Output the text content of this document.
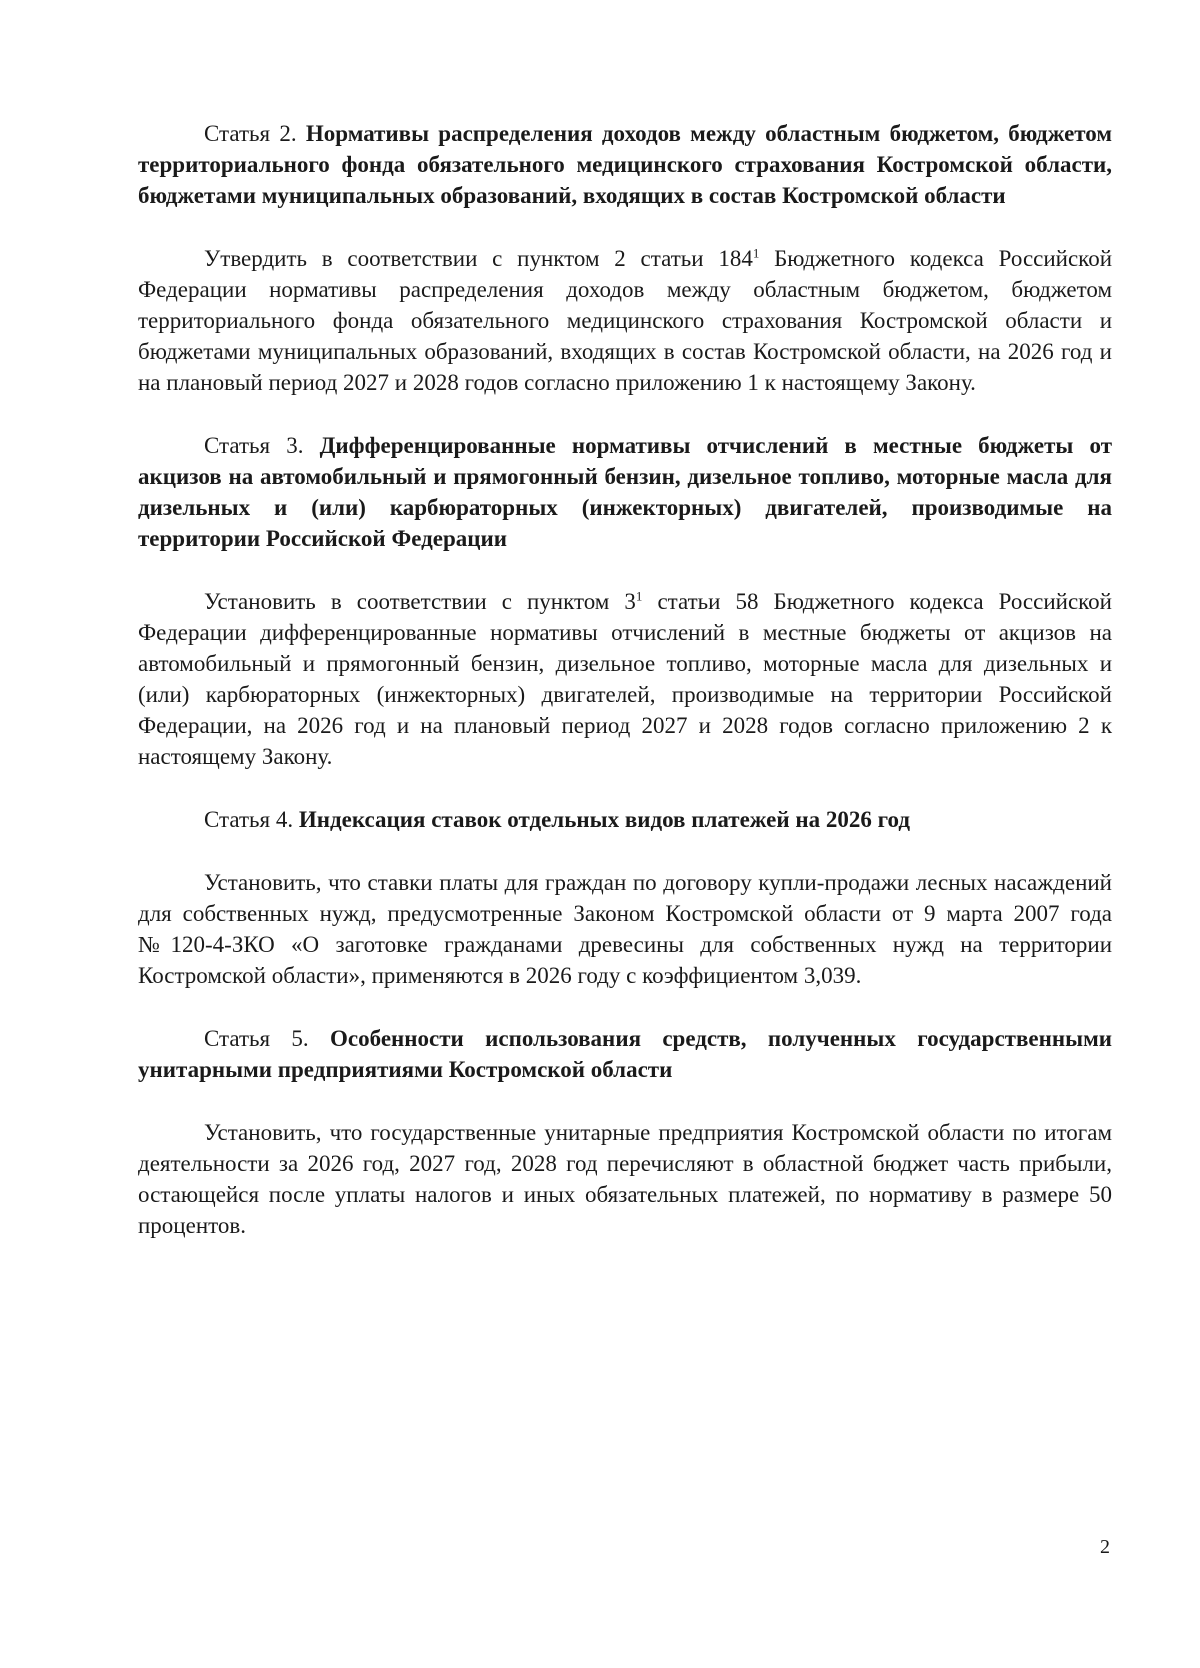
Статья 2. Нормативы распределения доходов между областным бюджетом, бюджетом территориального фонда обязательного медицинского страхования Костромской области, бюджетами муниципальных образований, входящих в состав Костромской области

Утвердить в соответствии с пунктом 2 статьи $184^1$ Бюджетного кодекса Российской Федерации нормативы распределения доходов между областным бюджетом, бюджетом территориального фонда обязательного медицинского страхования Костромской области и бюджетами муниципальных образований, входящих в состав Костромской области, на 2026 год и на плановый период 2027 и 2028 годов согласно приложению 1 к настоящему Закону.

Статья 3. Дифференцированные нормативы отчислений в местные бюджеты от акцизов на автомобильный и прямогонный бензин, дизельное топливо, моторные масла для дизельных и (или) карбюраторных (инжекторных) двигателей, производимые на территории Российской Федерации

Установить в соответствии с пунктом $3^1$ статьи 58 Бюджетного кодекса Российской Федерации дифференцированные нормативы отчислений в местные бюджеты от акцизов на автомобильный и прямогонный бензин, дизельное топливо, моторные масла для дизельных и (или) карбюраторных (инжекторных) двигателей, производимые на территории Российской Федерации, на 2026 год и на плановый период 2027 и 2028 годов согласно приложению 2 к настоящему Закону.

Статья 4. Индексация ставок отдельных видов платежей на 2026 год

Установить, что ставки платы для граждан по договору купли-продажи лесных насаждений для собственных нужд, предусмотренные Законом Костромской области от 9 марта 2007 года №120-4-ЗКО «О заготовке гражданами древесины для собственных нужд на территории Костромской области», применяются в 2026 году с коэффициентом 3,039.

Статья 5. Особенности использования средств, полученных государственными унитарными предприятиями Костромской области

Установить, что государственные унитарные предприятия Костромской области по итогам деятельности за 2026 год, 2027 год, 2028 год перечисляют в областной бюджет часть прибыли, остающейся после уплаты налогов и иных обязательных платежей, по нормативу в размере 50 процентов.

2
